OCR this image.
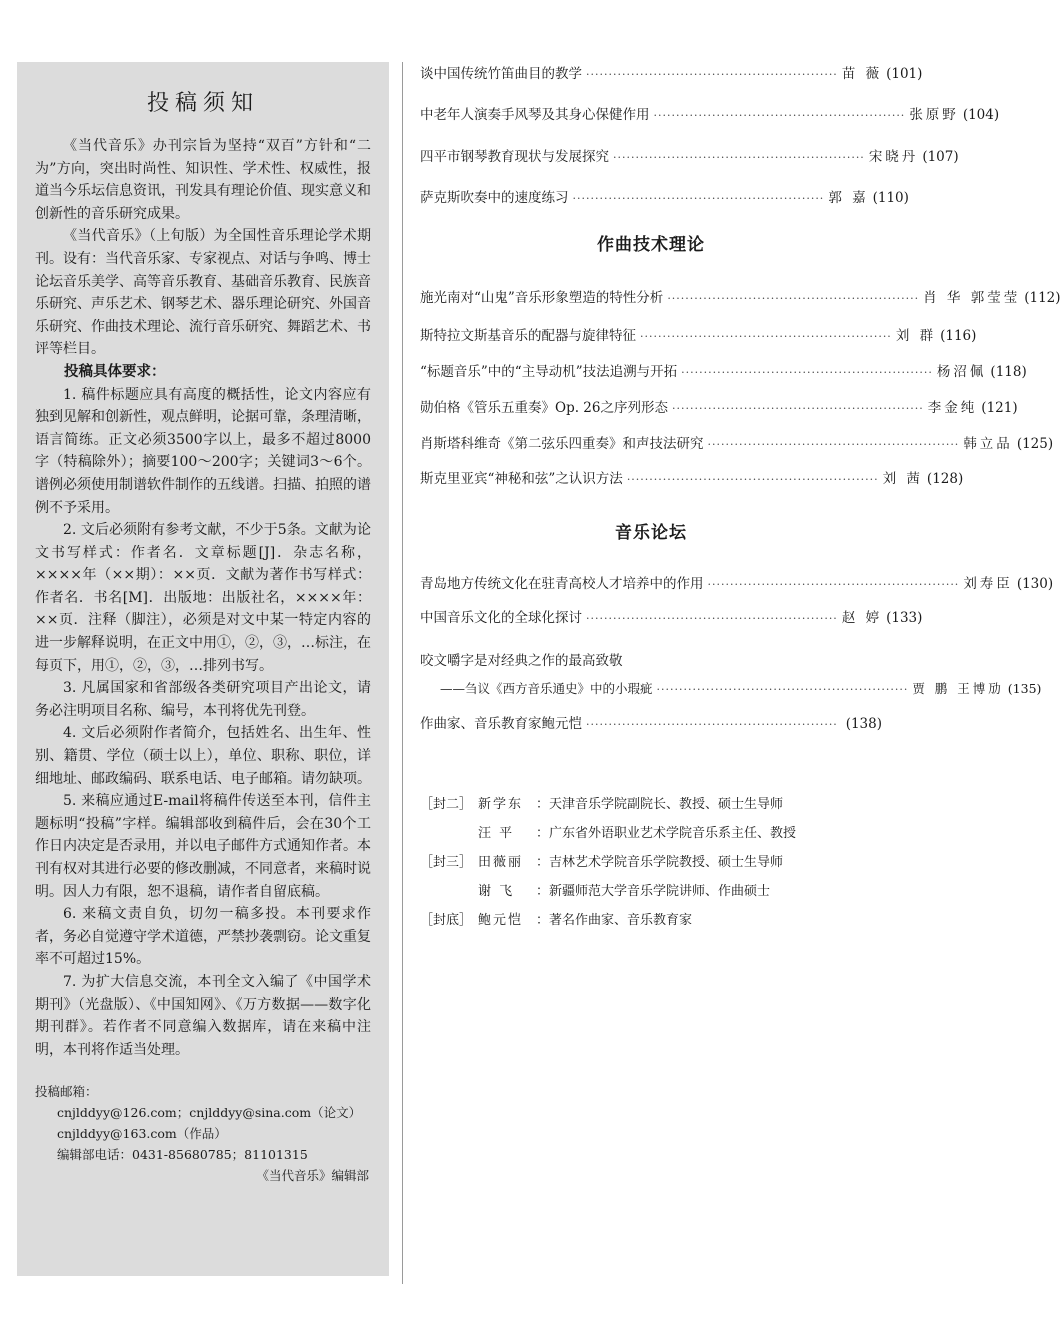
投稿须知

《当代音乐》办刊宗旨为坚持“双百”方针和“二为”方向，突出时尚性、知识性、学术性、权威性，报道当今乐坛信息资讯，刊发具有理论价值、现实意义和创新性的音乐研究成果。

《当代音乐》（上旬版）为全国性音乐理论学术期刊。设有：当代音乐家、专家视点、对话与争鸣、博士论坛音乐美学、高等音乐教育、基础音乐教育、民族音乐研究、声乐艺术、钢琴艺术、器乐理论研究、外国音乐研究、作曲技术理论、流行音乐研究、舞蹈艺术、书评等栏目。

投稿具体要求：

1. 稿件标题应具有高度的概括性，论文内容应有独到见解和创新性，观点鲜明，论据可靠，条理清晰，语言简练。正文必须3500字以上，最多不超过8000字（特稿除外）；摘要100～200字；关键词3～6个。谱例必须使用制谱软件制作的五线谱。扫描、拍照的谱例不予采用。

2. 文后必须附有参考文献，不少于5条。文献为论文书写样式：作者名．文章标题[J]．杂志名称，××××年（××期）：××页．文献为著作书写样式：作者名．书名[M]．出版地：出版社名，××××年：××页．注释（脚注），必须是对文中某一特定内容的进一步解释说明，在正文中用①，②，③，…标注，在每页下，用①，②，③，…排列书写。

3. 凡属国家和省部级各类研究项目产出论文，请务必注明项目名称、编号，本刊将优先刊登。

4. 文后必须附作者简介，包括姓名、出生年、性别、籍贯、学位（硕士以上），单位、职称、职位，详细地址、邮政编码、联系电话、电子邮箱。请勿缺项。

5. 来稿应通过E-mail将稿件传送至本刊，信件主题标明“投稿”字样。编辑部收到稿件后，会在30个工作日内决定是否录用，并以电子邮件方式通知作者。本刊有权对其进行必要的修改删减，不同意者，来稿时说明。因人力有限，恕不退稿，请作者自留底稿。

6. 来稿文责自负，切勿一稿多投。本刊要求作者，务必自觉遵守学术道德，严禁抄袭剽窃。论文重复率不可超过15%。

7. 为扩大信息交流，本刊全文入编了《中国学术期刊》（光盘版）、《中国知网》、《万方数据——数字化期刊群》。若作者不同意编入数据库，请在来稿中注明，本刊将作适当处理。

投稿邮箱：
cnjlddyy@126.com；cnjlddyy@sina.com（论文）
cnjlddyy@163.com（作品）
编辑部电话：0431-85680785；81101315
《当代音乐》编辑部
谈中国传统竹笛曲目的教学 ························································ 苗 薇 (101)
中老年人演奏手风琴及其身心保健作用 ························································ 张原野 (104)
四平市钢琴教育现状与发展探究 ························································ 宋晓丹 (107)
萨克斯吹奏中的速度练习 ························································ 郭 嘉 (110)
作曲技术理论
施光南对“山鬼”音乐形象塑造的特性分析 ························································ 肖 华 郭莹莹 (112)
斯特拉文斯基音乐的配器与旋律特征 ························································ 刘 群 (116)
“标题音乐”中的“主导动机”技法追溯与开拓 ························································ 杨沼佩 (118)
勋伯格《管乐五重奏》Op. 26之序列形态 ························································ 李金纯 (121)
肖斯塔科维奇《第二弦乐四重奏》和声技法研究 ························································ 韩立品 (125)
斯克里亚宾“神秘和弦”之认识方法 ························································ 刘 茜 (128)
音乐论坛
青岛地方传统文化在驻青高校人才培养中的作用 ························································ 刘寿臣 (130)
中国音乐文化的全球化探讨 ························································ 赵 婷 (133)
咬文嚼字是对经典之作的最高致敬
——刍议《西方音乐通史》中的小瑕疵 ························································ 贾 鹏 王博劢 (135)
作曲家、音乐教育家鲍元恺 ························································ (138)
［封二］ 新学东 ：天津音乐学院副院长、教授、硕士生导师
汪 平	：广东省外语职业艺术学院音乐系主任、教授
［封三］ 田薇丽 ：吉林艺术学院音乐学院教授、硕士生导师
谢 飞	：新疆师范大学音乐学院讲师、作曲硕士
［封底］ 鲍元恺 ：著名作曲家、音乐教育家
